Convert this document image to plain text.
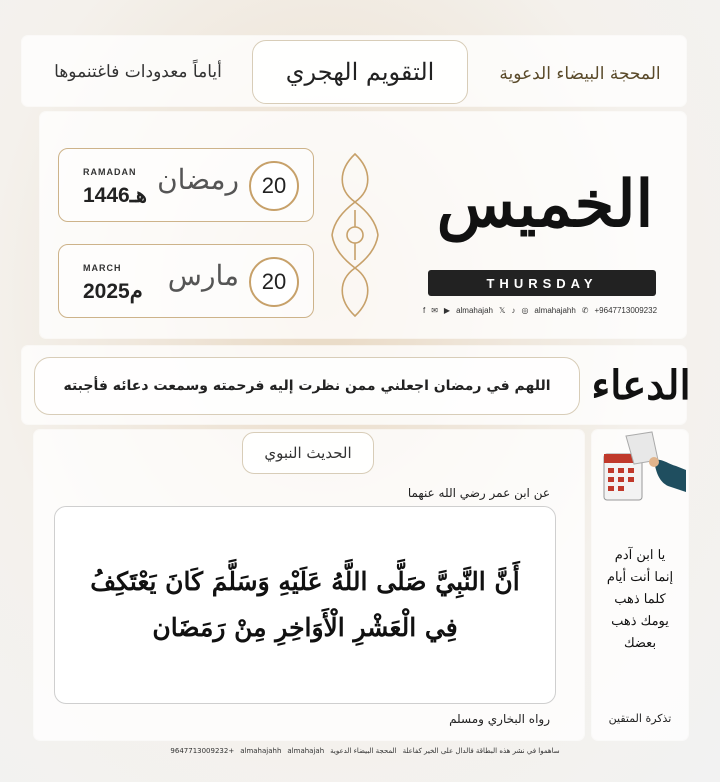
المحجة البيضاء الدعوية
التقويم الهجري
أياماً معدودات فاغتنموها
20
رمضان
RAMADAN
1446هـ
20
مارس
MARCH
2025م
الخميس
THURSDAY
f ✉ ▶ almahajah 𝕏 ♪ ◎ almahajahh ✆ +9647713009232
الدعاء
اللهم في رمضان اجعلني ممن نظرت إليه فرحمته وسمعت دعائه فأجبته
الحديث النبوي
عن ابن عمر رضي الله عنهما
أَنَّ النَّبِيَّ صَلَّى اللَّهُ عَلَيْهِ وَسَلَّمَ كَانَ يَعْتَكِفُ فِي الْعَشْرِ الْأَوَاخِرِ مِنْ رَمَضَان
رواه البخاري ومسلم
يا ابن آدم
إنما أنت أيام
كلما ذهب
يومك ذهب
بعضك
تذكرة المتقين
ساهموا في نشر هذه البطاقة فالدال على الخير كفاعلة
المحجة البيضاء الدعوية
almahajah
almahajahh
+9647713009232
